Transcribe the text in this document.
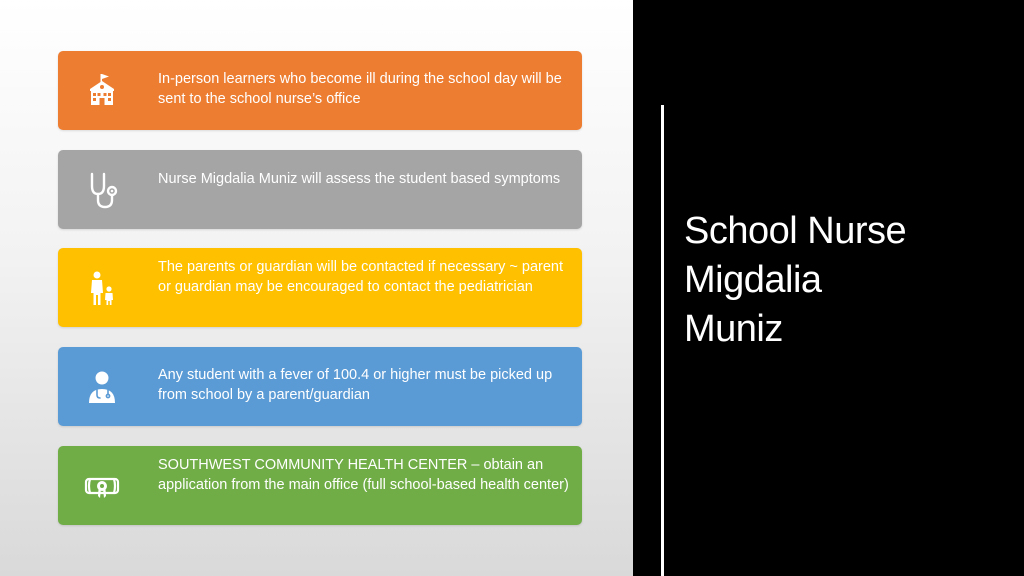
School Nurse
Migdalia
Muniz
In-person learners who become ill during the school day will be sent to the school nurse’s office
Nurse Migdalia Muniz will assess the student based symptoms
The parents or guardian will be contacted if necessary ~ parent or guardian may be encouraged to contact the pediatrician
Any student with a fever of 100.4 or higher must be picked up from school by a parent/guardian
SOUTHWEST COMMUNITY HEALTH CENTER – obtain an application from the main office (full school-based health center)
